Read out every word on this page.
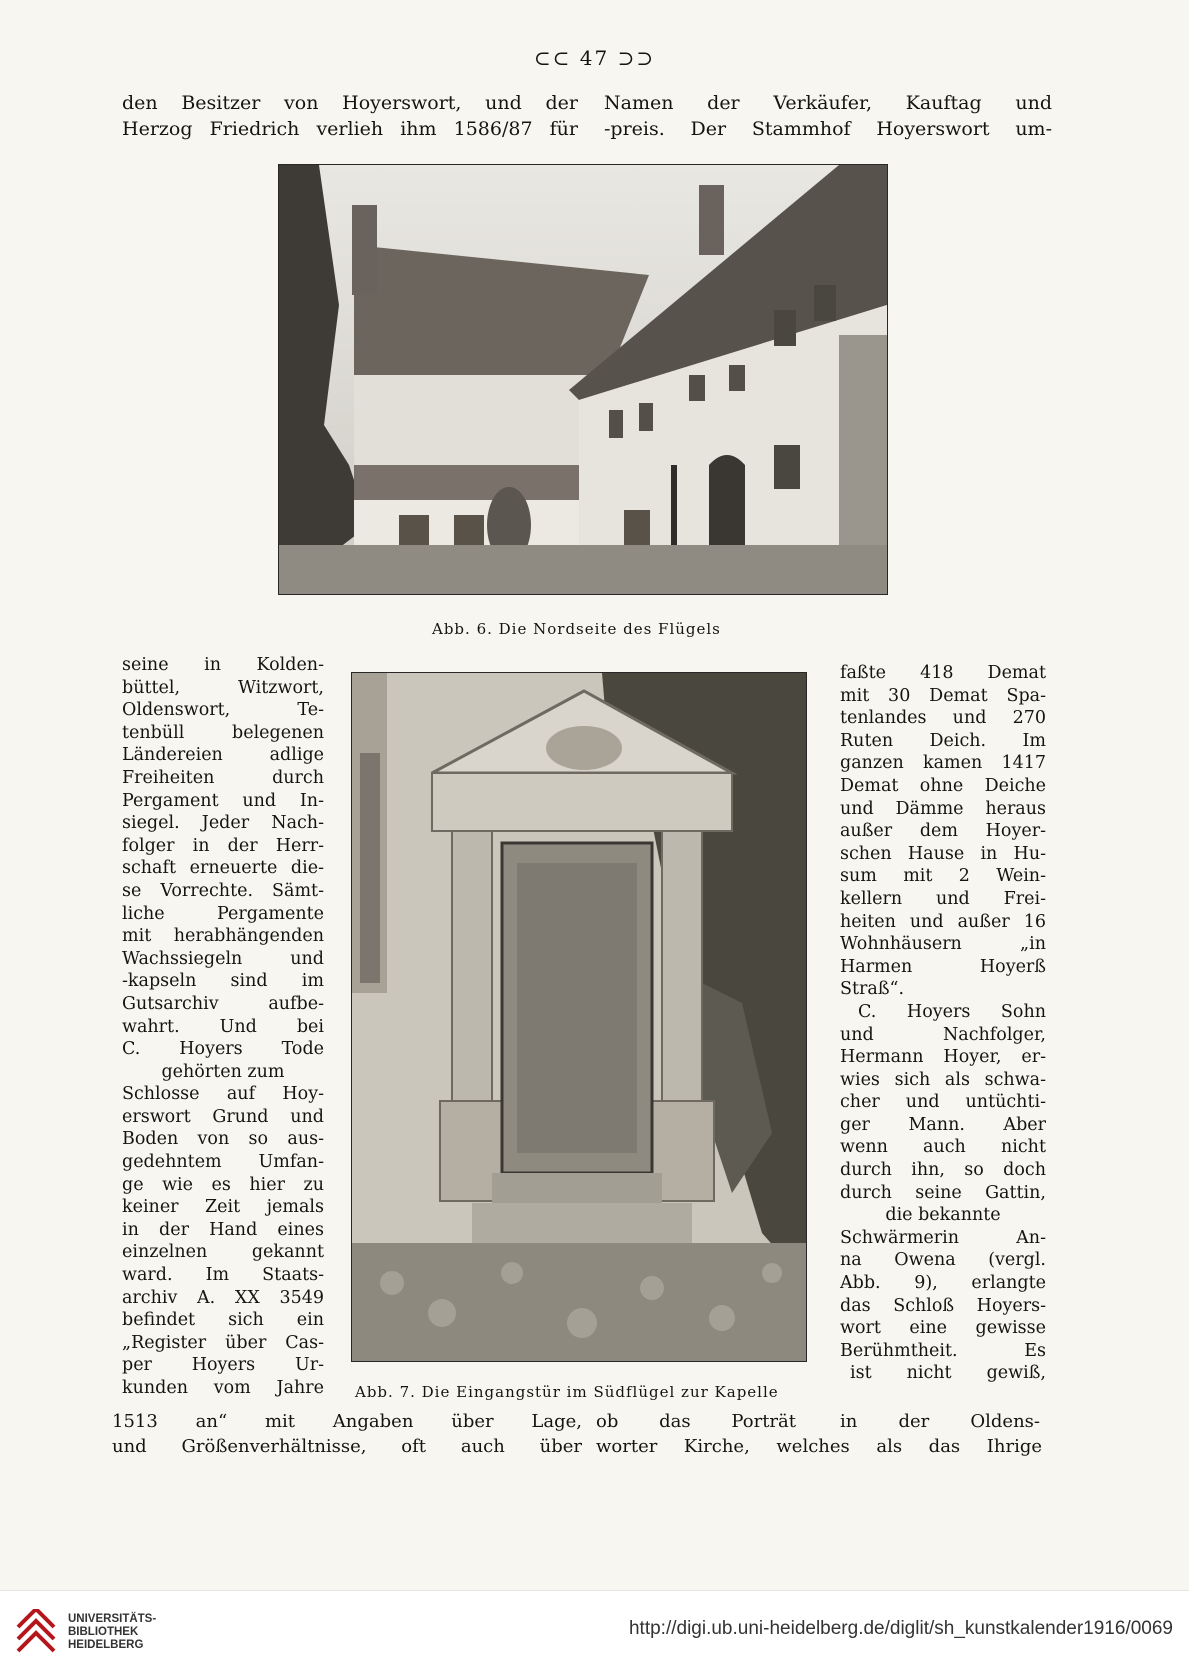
⊂⊂ 47 ⊃⊃
den Besitzer von Hoyerswort, und der
Herzog Friedrich verlieh ihm 1586/87 für
Namen der Verkäufer, Kauftag und
-preis. Der Stammhof Hoyerswort um-
Abb. 6. Die Nordseite des Flügels
Abb. 7. Die Eingangstür im Südflügel zur Kapelle
seine in Kolden-
büttel, Witzwort,
Oldenswort, Te-
tenbüll belegenen
Ländereien adlige
Freiheiten durch
Pergament und In-
siegel. Jeder Nach-
folger in der Herr-
schaft erneuerte die-
se Vorrechte. Sämt-
liche Pergamente
mit herabhängenden
Wachssiegeln und
-kapseln sind im
Gutsarchiv aufbe-
wahrt. Und bei
C. Hoyers Tode
gehörten zum
Schlosse auf Hoy-
erswort Grund und
Boden von so aus-
gedehntem Umfan-
ge wie es hier zu
keiner Zeit jemals
in der Hand eines
einzelnen gekannt
ward. Im Staats-
archiv A. XX 3549
befindet sich ein
„Register über Cas-
per Hoyers Ur-
kunden vom Jahre
faßte 418 Demat
mit 30 Demat Spa-
tenlandes und 270
Ruten Deich. Im
ganzen kamen 1417
Demat ohne Deiche
und Dämme heraus
außer dem Hoyer-
schen Hause in Hu-
sum mit 2 Wein-
kellern und Frei-
heiten und außer 16
Wohnhäusern „in
Harmen Hoyerß
Straß“.
C. Hoyers Sohn
und Nachfolger,
Hermann Hoyer, er-
wies sich als schwa-
cher und untüchti-
ger Mann. Aber
wenn auch nicht
durch ihn, so doch
durch seine Gattin,
die bekannte
Schwärmerin An-
na Owena (vergl.
Abb. 9), erlangte
das Schloß Hoyers-
wort eine gewisse
Berühmtheit. Es
ist nicht gewiß,
1513 an“ mit Angaben über Lage,
und Größenverhältnisse, oft auch über
ob das Porträt
worter Kirche, welches als das Ihrige
in der Oldens-
UNIVERSITÄTS-
BIBLIOTHEK
HEIDELBERG
http://digi.ub.uni-heidelberg.de/diglit/sh_kunstkalender1916/0069
